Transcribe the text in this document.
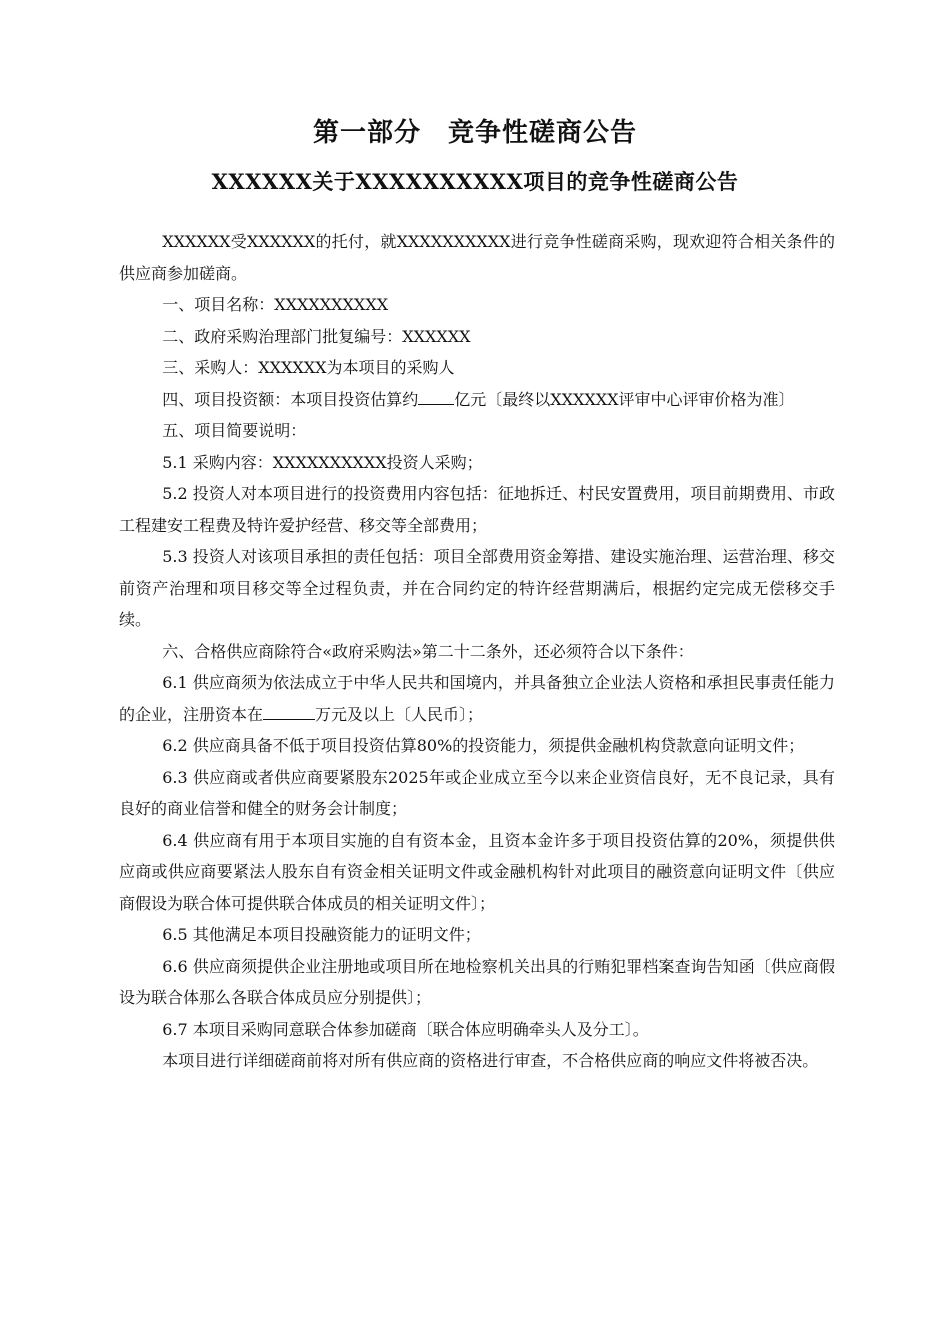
第一部分　竞争性磋商公告
XXXXXX关于XXXXXXXXXX项目的竞争性磋商公告

XXXXXX受XXXXXX的托付，就XXXXXXXXXX进行竞争性磋商采购，现欢迎符合相关条件的供应商参加磋商。

一、项目名称：XXXXXXXXXX

二、政府采购治理部门批复编号：XXXXXX

三、采购人：XXXXXX为本项目的采购人

四、项目投资额：本项目投资估算约 亿元〔最终以XXXXXX评审中心评审价格为准〕

五、项目简要说明：

5.1 采购内容：XXXXXXXXXX投资人采购；

5.2 投资人对本项目进行的投资费用内容包括：征地拆迁、村民安置费用，项目前期费用、市政工程建安工程费及特许爱护经营、移交等全部费用；

5.3 投资人对该项目承担的责任包括：项目全部费用资金筹措、建设实施治理、运营治理、移交前资产治理和项目移交等全过程负责，并在合同约定的特许经营期满后，根据约定完成无偿移交手续。

六、合格供应商除符合«政府采购法»第二十二条外，还必须符合以下条件：

6.1 供应商须为依法成立于中华人民共和国境内，并具备独立企业法人资格和承担民事责任能力的企业，注册资本在	万元及以上〔人民币〕；

6.2 供应商具备不低于项目投资估算80%的投资能力，须提供金融机构贷款意向证明文件；

6.3 供应商或者供应商要紧股东2025年或企业成立至今以来企业资信良好，无不良记录，具有良好的商业信誉和健全的财务会计制度；

6.4 供应商有用于本项目实施的自有资本金，且资本金许多于项目投资估算的20%，须提供供应商或供应商要紧法人股东自有资金相关证明文件或金融机构针对此项目的融资意向证明文件〔供应商假设为联合体可提供联合体成员的相关证明文件〕；

6.5 其他满足本项目投融资能力的证明文件；

6.6 供应商须提供企业注册地或项目所在地检察机关出具的行贿犯罪档案查询告知函〔供应商假设为联合体那么各联合体成员应分别提供〕；

6.7 本项目采购同意联合体参加磋商〔联合体应明确牵头人及分工〕。

本项目进行详细磋商前将对所有供应商的资格进行审查，不合格供应商的响应文件将被否决。
